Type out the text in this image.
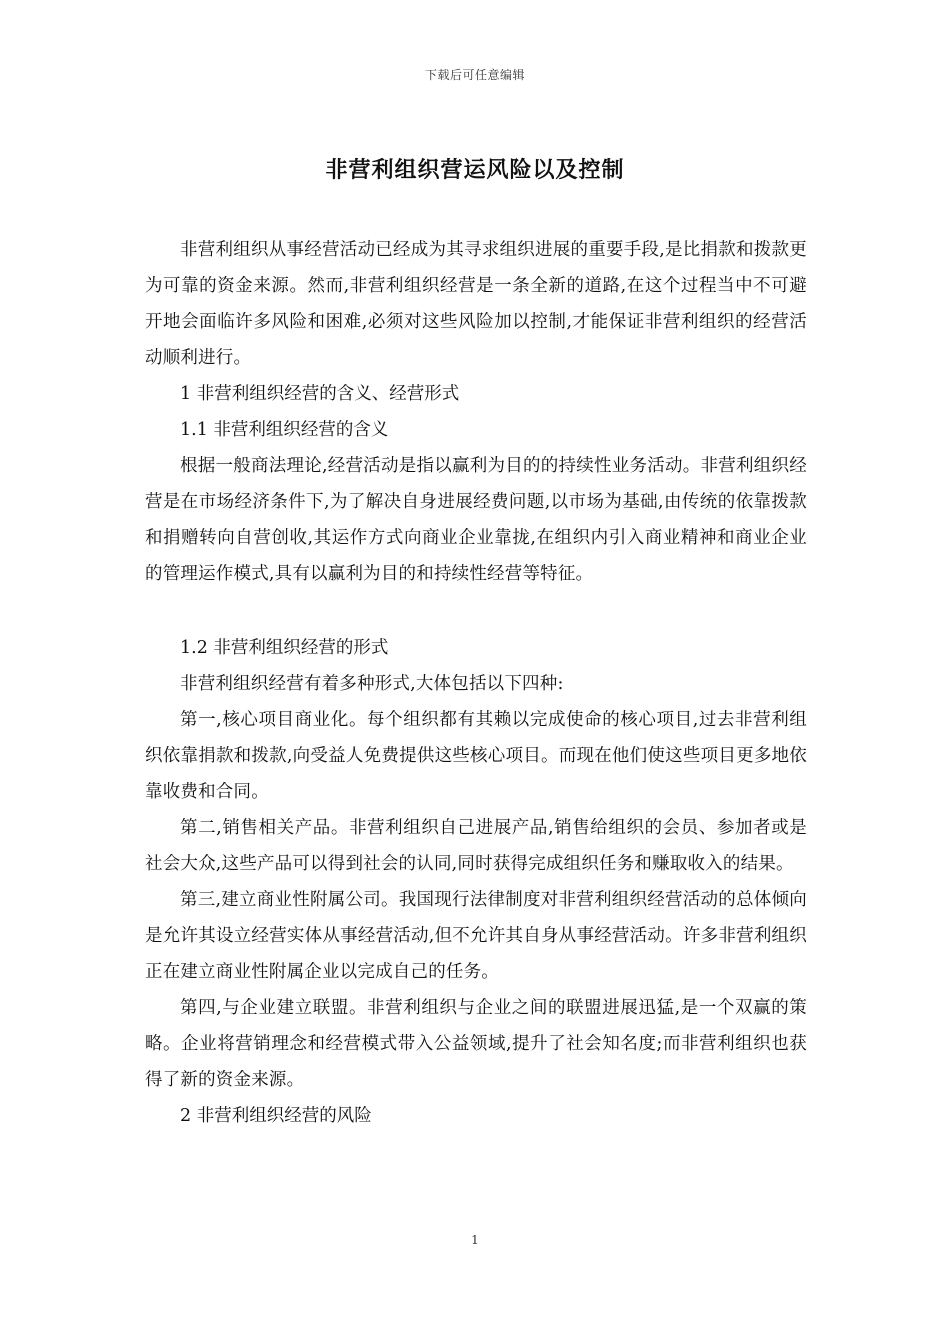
下载后可任意编辑
非营利组织营运风险以及控制

非营利组织从事经营活动已经成为其寻求组织进展的重要手段,是比捐款和拨款更为可靠的资金来源。然而,非营利组织经营是一条全新的道路,在这个过程当中不可避开地会面临许多风险和困难,必须对这些风险加以控制,才能保证非营利组织的经营活动顺利进行。

1 非营利组织经营的含义、经营形式

1.1 非营利组织经营的含义

根据一般商法理论,经营活动是指以赢利为目的的持续性业务活动。非营利组织经营是在市场经济条件下,为了解决自身进展经费问题,以市场为基础,由传统的依靠拨款和捐赠转向自营创收,其运作方式向商业企业靠拢,在组织内引入商业精神和商业企业的管理运作模式,具有以赢利为目的和持续性经营等特征。

1.2 非营利组织经营的形式

非营利组织经营有着多种形式,大体包括以下四种:

第一,核心项目商业化。每个组织都有其赖以完成使命的核心项目,过去非营利组织依靠捐款和拨款,向受益人免费提供这些核心项目。而现在他们使这些项目更多地依靠收费和合同。

第二,销售相关产品。非营利组织自己进展产品,销售给组织的会员、参加者或是社会大众,这些产品可以得到社会的认同,同时获得完成组织任务和赚取收入的结果。

第三,建立商业性附属公司。我国现行法律制度对非营利组织经营活动的总体倾向是允许其设立经营实体从事经营活动,但不允许其自身从事经营活动。许多非营利组织正在建立商业性附属企业以完成自己的任务。

第四,与企业建立联盟。非营利组织与企业之间的联盟进展迅猛,是一个双赢的策略。企业将营销理念和经营模式带入公益领域,提升了社会知名度;而非营利组织也获得了新的资金来源。

2 非营利组织经营的风险

1
